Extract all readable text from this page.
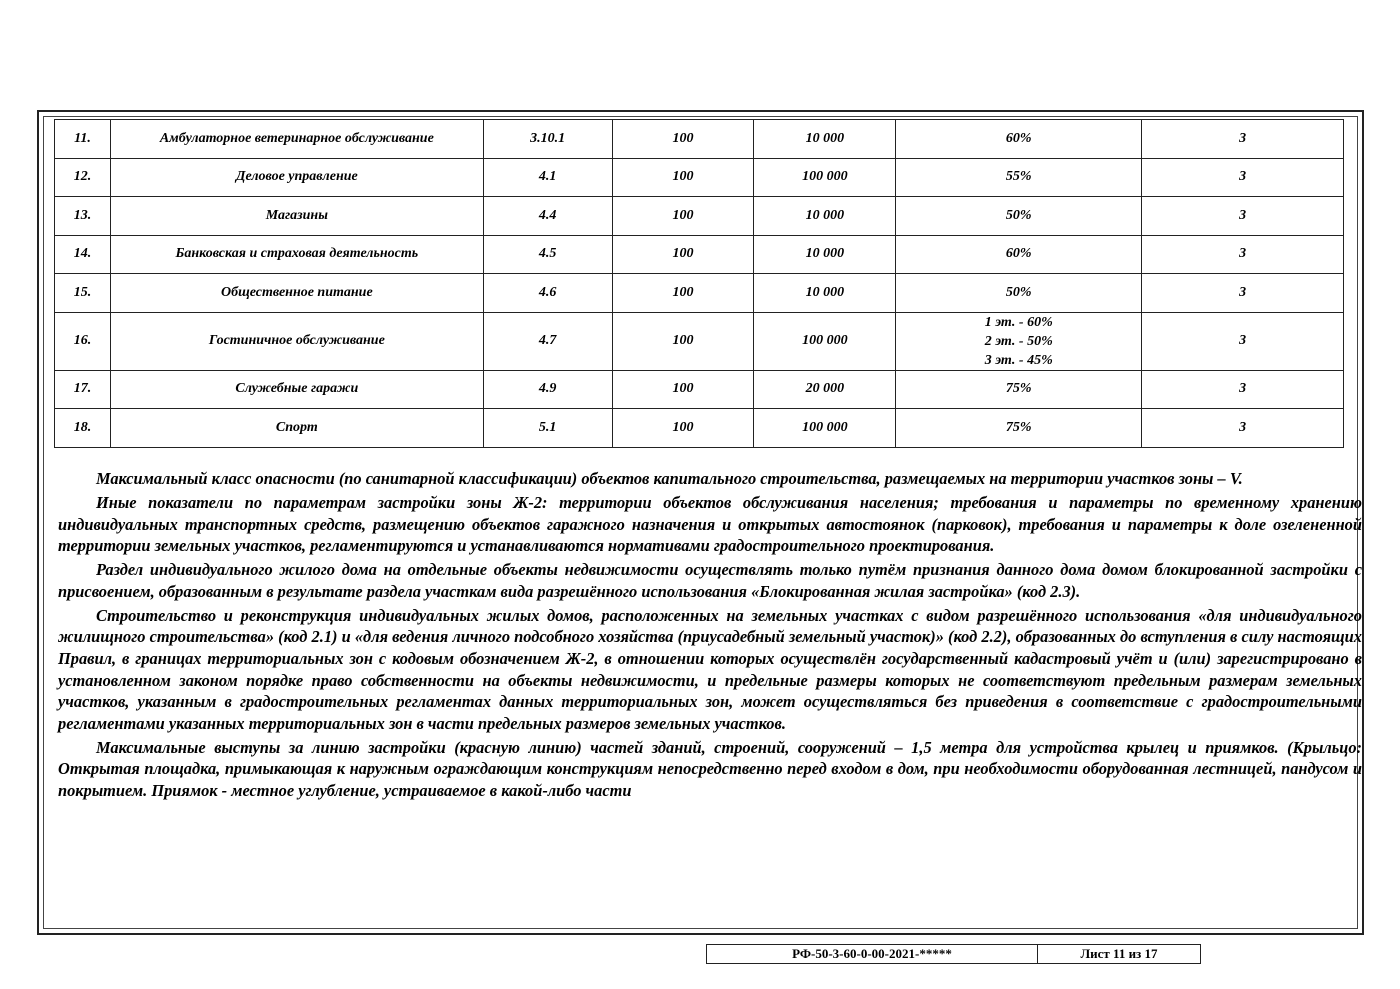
11.	Амбулаторное ветеринарное обслуживание	3.10.1	100	10 000	60%	3
12.	Деловое управление	4.1	100	100 000	55%	3
13.	Магазины	4.4	100	10 000	50%	3
14.	Банковская и страховая деятельность	4.5	100	10 000	60%	3
15.	Общественное питание	4.6	100	10 000	50%	3
16.	Гостиничное обслуживание	4.7	100	100 000	1 эт. - 60%
2 эт. - 50%
3 эт. - 45%	3
17.	Служебные гаражи	4.9	100	20 000	75%	3
18.	Спорт	5.1	100	100 000	75%	3

Максимальный класс опасности (по санитарной классификации) объектов капитального строительства, размещаемых на территории участков зоны – V.

Иные показатели по параметрам застройки зоны Ж-2: территории объектов обслуживания населения; требования и параметры по временному хранению индивидуальных транспортных средств, размещению объектов гаражного назначения и открытых автостоянок (парковок), требования и параметры к доле озелененной территории земельных участков, регламентируются и устанавливаются нормативами градостроительного проектирования.

Раздел индивидуального жилого дома на отдельные объекты недвижимости осуществлять только путём признания данного дома домом блокированной застройки с присвоением, образованным в результате раздела участкам вида разрешённого использования «Блокированная жилая застройка» (код 2.3).

Строительство и реконструкция индивидуальных жилых домов, расположенных на земельных участках с видом разрешённого использования «для индивидуального жилищного строительства» (код 2.1) и «для ведения личного подсобного хозяйства (приусадебный земельный участок)» (код 2.2), образованных до вступления в силу настоящих Правил, в границах территориальных зон с кодовым обозначением Ж-2, в отношении которых осуществлён государственный кадастровый учёт и (или) зарегистрировано в установленном законом порядке право собственности на объекты недвижимости, и предельные размеры которых не соответствуют предельным размерам земельных участков, указанным в градостроительных регламентах данных территориальных зон, может осуществляться без приведения в соответствие с градостроительными регламентами указанных территориальных зон в части предельных размеров земельных участков.

Максимальные выступы за линию застройки (красную линию) частей зданий, строений, сооружений – 1,5 метра для устройства крылец и приямков. (Крыльцо: Открытая площадка, примыкающая к наружным ограждающим конструкциям непосредственно перед входом в дом, при необходимости оборудованная лестницей, пандусом и покрытием. Приямок - местное углубление, устраиваемое в какой-либо части

РФ-50-3-60-0-00-2021-*****	Лист 11 из 17
